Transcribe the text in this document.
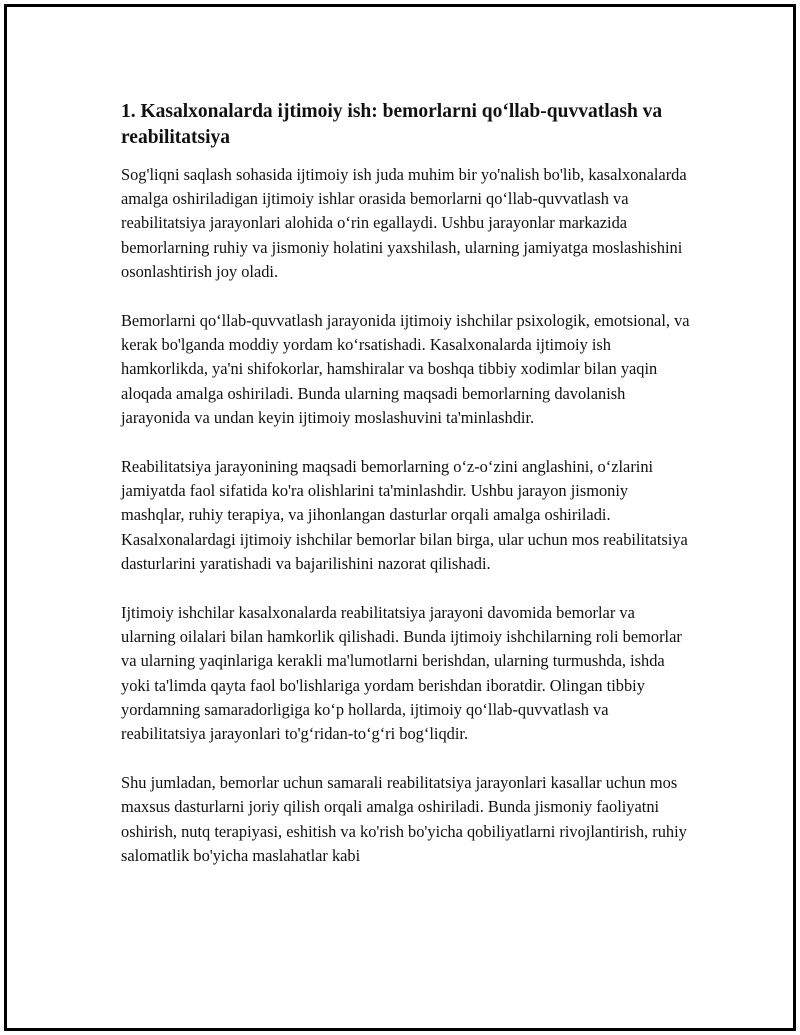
1. Kasalxonalarda ijtimoiy ish: bemorlarni qo‘llab-quvvatlash va reabilitatsiya

Sog'liqni saqlash sohasida ijtimoiy ish juda muhim bir yo'nalish bo'lib, kasalxonalarda amalga oshiriladigan ijtimoiy ishlar orasida bemorlarni qo‘llab-quvvatlash va reabilitatsiya jarayonlari alohida o‘rin egallaydi. Ushbu jarayonlar markazida bemorlarning ruhiy va jismoniy holatini yaxshilash, ularning jamiyatga moslashishini osonlashtirish joy oladi.

Bemorlarni qo‘llab-quvvatlash jarayonida ijtimoiy ishchilar psixologik, emotsional, va kerak bo'lganda moddiy yordam ko‘rsatishadi. Kasalxonalarda ijtimoiy ish hamkorlikda, ya'ni shifokorlar, hamshiralar va boshqa tibbiy xodimlar bilan yaqin aloqada amalga oshiriladi. Bunda ularning maqsadi bemorlarning davolanish jarayonida va undan keyin ijtimoiy moslashuvini ta'minlashdir.

Reabilitatsiya jarayonining maqsadi bemorlarning o‘z-o‘zini anglashini, o‘zlarini jamiyatda faol sifatida ko'ra olishlarini ta'minlashdir. Ushbu jarayon jismoniy mashqlar, ruhiy terapiya, va jihonlangan dasturlar orqali amalga oshiriladi. Kasalxonalardagi ijtimoiy ishchilar bemorlar bilan birga, ular uchun mos reabilitatsiya dasturlarini yaratishadi va bajarilishini nazorat qilishadi.

Ijtimoiy ishchilar kasalxonalarda reabilitatsiya jarayoni davomida bemorlar va ularning oilalari bilan hamkorlik qilishadi. Bunda ijtimoiy ishchilarning roli bemorlar va ularning yaqinlariga kerakli ma'lumotlarni berishdan, ularning turmushda, ishda yoki ta'limda qayta faol bo'lishlariga yordam berishdan iboratdir. Olingan tibbiy yordamning samaradorligiga ko‘p hollarda, ijtimoiy qo‘llab-quvvatlash va reabilitatsiya jarayonlari to'g‘ridan-to‘g‘ri bog‘liqdir.

Shu jumladan, bemorlar uchun samarali reabilitatsiya jarayonlari kasallar uchun mos maxsus dasturlarni joriy qilish orqali amalga oshiriladi. Bunda jismoniy faoliyatni oshirish, nutq terapiyasi, eshitish va ko'rish bo'yicha qobiliyatlarni rivojlantirish, ruhiy salomatlik bo'yicha maslahatlar kabi
